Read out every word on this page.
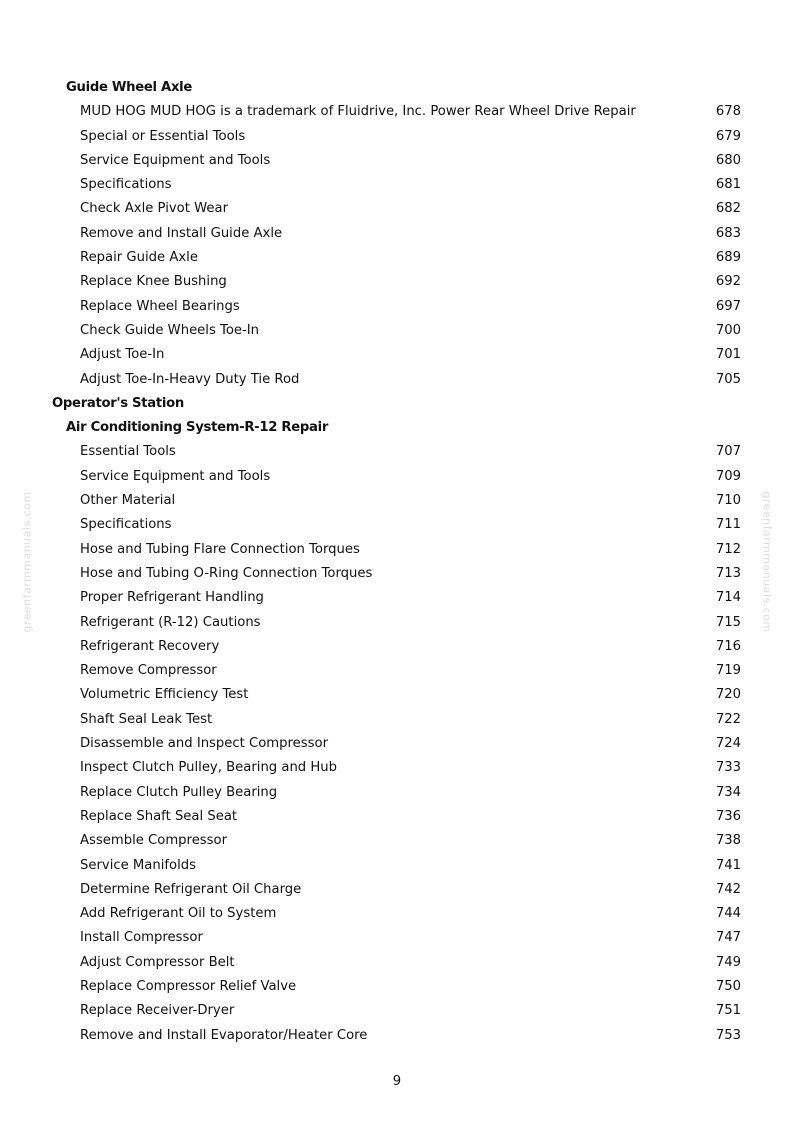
Guide Wheel Axle
MUD HOG MUD HOG is a trademark of Fluidrive, Inc. Power Rear Wheel Drive Repair	678
Special or Essential Tools	679
Service Equipment and Tools	680
Specifications	681
Check Axle Pivot Wear	682
Remove and Install Guide Axle	683
Repair Guide Axle	689
Replace Knee Bushing	692
Replace Wheel Bearings	697
Check Guide Wheels Toe-In	700
Adjust Toe-In	701
Adjust Toe-In-Heavy Duty Tie Rod	705
Operator's Station
Air Conditioning System-R-12 Repair
Essential Tools	707
Service Equipment and Tools	709
Other Material	710
Specifications	711
Hose and Tubing Flare Connection Torques	712
Hose and Tubing O-Ring Connection Torques	713
Proper Refrigerant Handling	714
Refrigerant (R-12) Cautions	715
Refrigerant Recovery	716
Remove Compressor	719
Volumetric Efficiency Test	720
Shaft Seal Leak Test	722
Disassemble and Inspect Compressor	724
Inspect Clutch Pulley, Bearing and Hub	733
Replace Clutch Pulley Bearing	734
Replace Shaft Seal Seat	736
Assemble Compressor	738
Service Manifolds	741
Determine Refrigerant Oil Charge	742
Add Refrigerant Oil to System	744
Install Compressor	747
Adjust Compressor Belt	749
Replace Compressor Relief Valve	750
Replace Receiver-Dryer	751
Remove and Install Evaporator/Heater Core	753
greenfarmmanuals.com	greenfarmmanuals.com
9
